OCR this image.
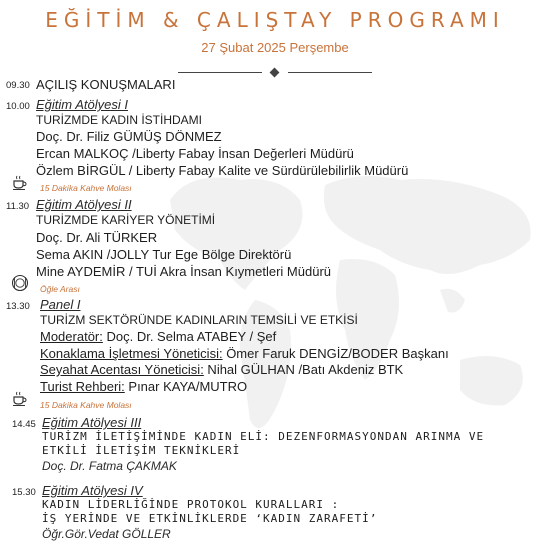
EĞİTİM & ÇALIŞTAY PROGRAMI
27 Şubat 2025 Perşembe
09.30 AÇILIŞ KONUŞMALARI
10.00 Eğitim Atölyesi I
TURİZMDE KADIN İSTİHDAMI
Doç. Dr. Filiz GÜMÜŞ DÖNMEZ
Ercan MALKOÇ /Liberty Fabay İnsan Değerleri Müdürü
Özlem BİRGÜL / Liberty Fabay Kalite ve Sürdürülebilirlik Müdürü
15 Dakika Kahve Molası
11.30 Eğitim Atölyesi II
TURİZMDE KARİYER YÖNETİMİ
Doç. Dr. Ali TÜRKER
Sema AKIN /JOLLY Tur Ege Bölge Direktörü
Mine AYDEMİR / TUİ Akra İnsan Kıymetleri Müdürü
Öğle Arası
13.30 Panel I
TURİZM SEKTÖRÜNDE KADINLARIN TEMSİLİ VE ETKİSİ
Moderatör: Doç. Dr. Selma ATABEY / Şef
Konaklama İşletmesi Yöneticisi: Ömer Faruk DENGİZ/BODER Başkanı
Seyahat Acentası Yöneticisi: Nihal GÜLHAN /Batı Akdeniz BTK
Turist Rehberi: Pınar KAYA/MUTRO
15 Dakika Kahve Molası
14.45 Eğitim Atölyesi III
TURİZM İLETİŞİMİNDE KADIN ELİ: DEZENFORMASYONDAN ARINMA VE
ETKİLİ İLETİŞİM TEKNİKLERİ
Doç. Dr. Fatma ÇAKMAK
15.30 Eğitim Atölyesi IV
KADIN LİDERLİĞİNDE PROTOKOL KURALLARI :
İŞ YERİNDE VE ETKİNLİKLERDE ‘KADIN ZARAFETİ’
Öğr.Gör.Vedat GÖLLER
